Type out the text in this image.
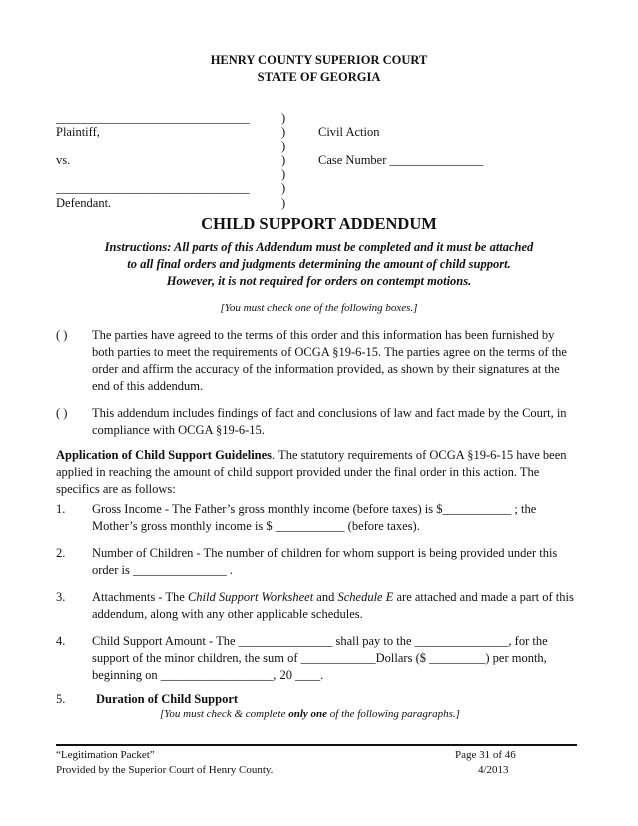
HENRY COUNTY SUPERIOR COURT
STATE OF GEORGIA
_______________________________
Plaintiff,
vs.
_______________________________
Defendant.
)
)
)
)
)
)
)
Civil Action
Case Number _______________
CHILD SUPPORT ADDENDUM
Instructions: All parts of this Addendum must be completed and it must be attached
to all final orders and judgments determining the amount of child support.
However, it is not required for orders on contempt motions.
[You must check one of the following boxes.]
( ) The parties have agreed to the terms of this order and this information has been furnished by
both parties to meet the requirements of OCGA §19-6-15. The parties agree on the terms of the
order and affirm the accuracy of the information provided, as shown by their signatures at the
end of this addendum.
( ) This addendum includes findings of fact and conclusions of law and fact made by the Court, in
compliance with OCGA §19-6-15.
Application of Child Support Guidelines. The statutory requirements of OCGA §19-6-15 have been
applied in reaching the amount of child support provided under the final order in this action. The
specifics are as follows:
1. Gross Income - The Father’s gross monthly income (before taxes) is $___________ ; the
Mother’s gross monthly income is $ ___________ (before taxes).
2. Number of Children - The number of children for whom support is being provided under this
order is _______________ .
3. Attachments - The Child Support Worksheet and Schedule E are attached and made a part of this
addendum, along with any other applicable schedules.
4. Child Support Amount - The _______________ shall pay to the _______________, for the
support of the minor children, the sum of ____________Dollars ($ _________) per month,
beginning on __________________, 20 ____.
5. Duration of Child Support
[You must check & complete only one of the following paragraphs.]
“Legitimation Packet”
Provided by the Superior Court of Henry County.
Page 31 of 46
4/2013
